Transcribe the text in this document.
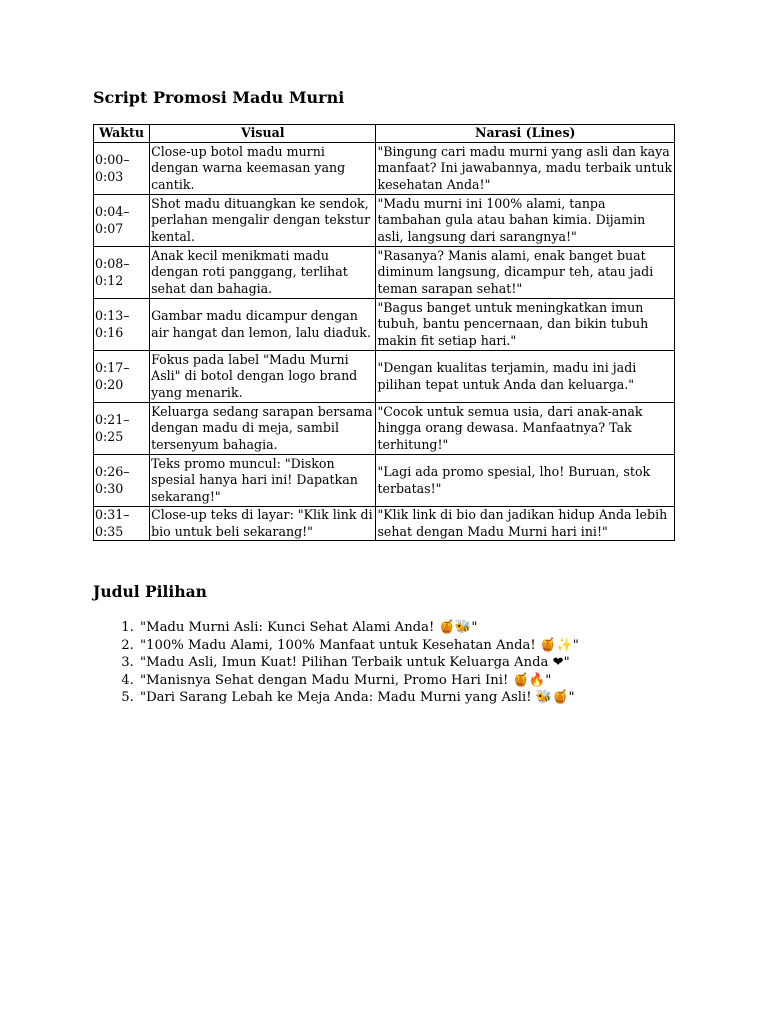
Script Promosi Madu Murni
Waktu	Visual	Narasi (Lines)
0:00–
0:03	Close-up botol madu murni dengan warna keemasan yang cantik.	"Bingung cari madu murni yang asli dan kaya manfaat? Ini jawabannya, madu terbaik untuk kesehatan Anda!"
0:04–
0:07	Shot madu dituangkan ke sendok, perlahan mengalir dengan tekstur kental.	"Madu murni ini 100% alami, tanpa tambahan gula atau bahan kimia. Dijamin asli, langsung dari sarangnya!"
0:08–
0:12	Anak kecil menikmati madu dengan roti panggang, terlihat sehat dan bahagia.	"Rasanya? Manis alami, enak banget buat diminum langsung, dicampur teh, atau jadi teman sarapan sehat!"
0:13–
0:16	Gambar madu dicampur dengan air hangat dan lemon, lalu diaduk.	"Bagus banget untuk meningkatkan imun tubuh, bantu pencernaan, dan bikin tubuh makin fit setiap hari."
0:17–
0:20	Fokus pada label "Madu Murni Asli" di botol dengan logo brand yang menarik.	"Dengan kualitas terjamin, madu ini jadi pilihan tepat untuk Anda dan keluarga."
0:21–
0:25	Keluarga sedang sarapan bersama dengan madu di meja, sambil tersenyum bahagia.	"Cocok untuk semua usia, dari anak-anak hingga orang dewasa. Manfaatnya? Tak terhitung!"
0:26–
0:30	Teks promo muncul: "Diskon spesial hanya hari ini! Dapatkan sekarang!"	"Lagi ada promo spesial, lho! Buruan, stok terbatas!"
0:31–
0:35	Close-up teks di layar: "Klik link di bio untuk beli sekarang!"	"Klik link di bio dan jadikan hidup Anda lebih sehat dengan Madu Murni hari ini!"
Judul Pilihan
1. "Madu Murni Asli: Kunci Sehat Alami Anda! 🍯🐝"
2. "100% Madu Alami, 100% Manfaat untuk Kesehatan Anda! 🍯✨"
3. "Madu Asli, Imun Kuat! Pilihan Terbaik untuk Keluarga Anda ❤"
4. "Manisnya Sehat dengan Madu Murni, Promo Hari Ini! 🍯🔥"
5. "Dari Sarang Lebah ke Meja Anda: Madu Murni yang Asli! 🐝🍯"
